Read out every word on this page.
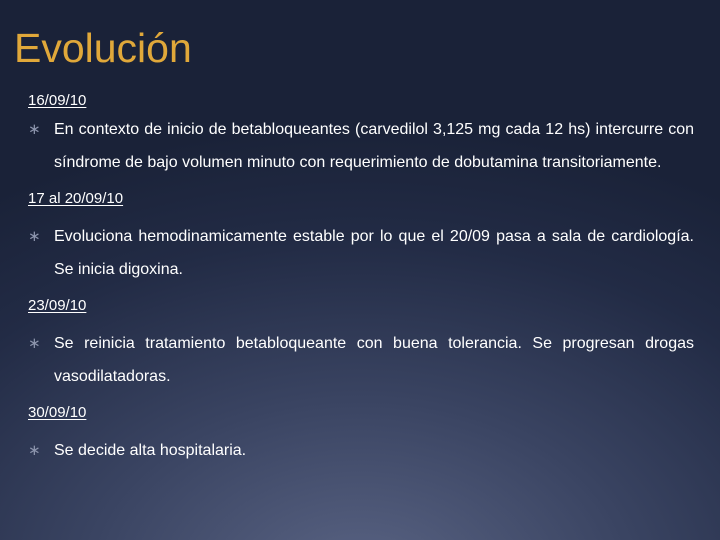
Evolución
16/09/10
∗ En contexto de inicio de betabloqueantes (carvedilol 3,125 mg cada 12 hs) intercurre con síndrome de bajo volumen minuto con requerimiento de dobutamina transitoriamente.
17 al 20/09/10
∗ Evoluciona hemodinamicamente estable por lo que el 20/09 pasa a sala de cardiología. Se inicia digoxina.
23/09/10
∗ Se reinicia tratamiento betabloqueante con buena tolerancia. Se progresan drogas vasodilatadoras.
30/09/10
∗ Se decide alta hospitalaria.
